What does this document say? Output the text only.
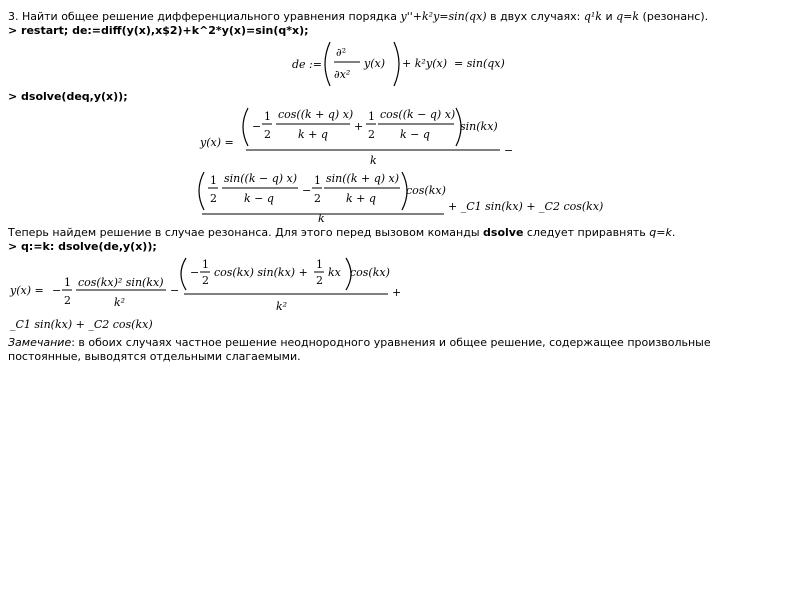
3. Найти общее решение дифференциального уравнения порядка y''+k²y=sin(qx) в двух случаях: q¹k и q=k (резонанс).
> restart; de:=diff(y(x),x$2)+k^2*y(x)=sin(q*x);
de :=
∂²
∂x²
y(x) + k² y(x) = sin(qx)
> dsolve(deq,y(x));
y(x) =
−
1
2
cos((k + q) x)
k + q
+
1
2
cos((k − q) x)
k − q
sin(kx)
k
−
1
2
sin((k − q) x)
k − q
−
1
2
sin((k + q) x)
k + q
cos(kx)
k
+ _C1 sin(kx) + _C2 cos(kx)
Теперь найдем решение в случае резонанса. Для этого перед вызовом команды dsolve следует приравнять q=k.
> q:=k: dsolve(de,y(x));
y(x) = −
1
2
cos(kx)² sin(kx)
k²
−
−
1
2
cos(kx) sin(kx) +
1
2
kx cos(kx)
k²
+
_C1 sin(kx) + _C2 cos(kx)
Замечание: в обоих случаях частное решение неоднородного уравнения и общее решение, содержащее произвольные постоянные, выводятся отдельными слагаемыми.
